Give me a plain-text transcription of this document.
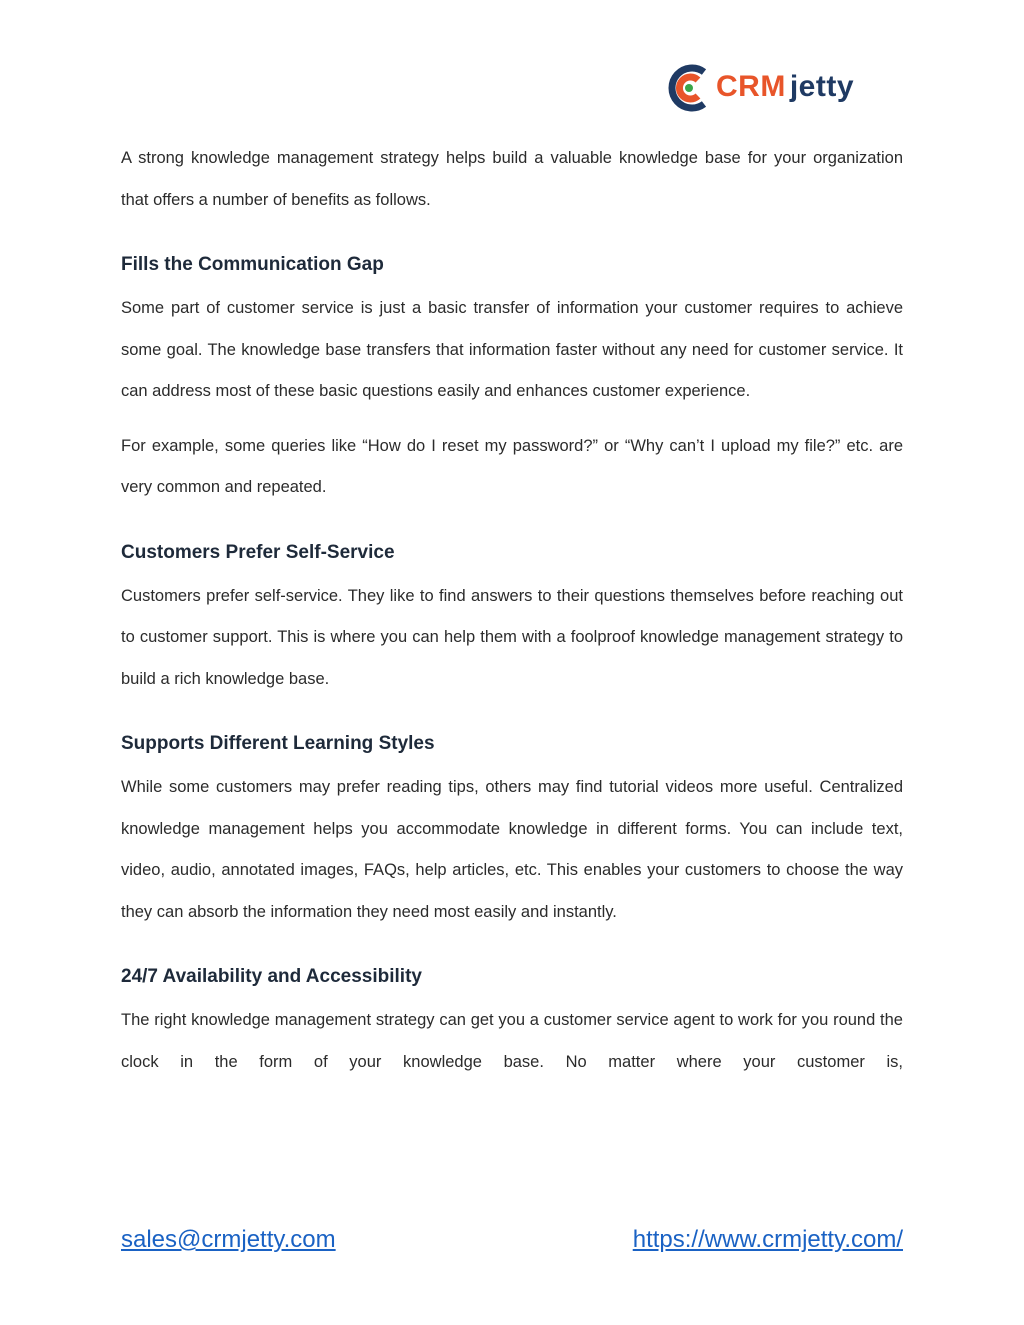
CRM jetty

A strong knowledge management strategy helps build a valuable knowledge base for your organization that offers a number of benefits as follows.

Fills the Communication Gap

Some part of customer service is just a basic transfer of information your customer requires to achieve some goal. The knowledge base transfers that information faster without any need for customer service. It can address most of these basic questions easily and enhances customer experience.

For example, some queries like “How do I reset my password?” or “Why can’t I upload my file?” etc. are very common and repeated.

Customers Prefer Self-Service

Customers prefer self-service. They like to find answers to their questions themselves before reaching out to customer support. This is where you can help them with a foolproof knowledge management strategy to build a rich knowledge base.

Supports Different Learning Styles

While some customers may prefer reading tips, others may find tutorial videos more useful. Centralized knowledge management helps you accommodate knowledge in different forms. You can include text, video, audio, annotated images, FAQs, help articles, etc. This enables your customers to choose the way they can absorb the information they need most easily and instantly.

24/7 Availability and Accessibility

The right knowledge management strategy can get you a customer service agent to work for you round the clock in the form of your knowledge base. No matter where your customer is,

sales@crmjetty.com	https://www.crmjetty.com/
